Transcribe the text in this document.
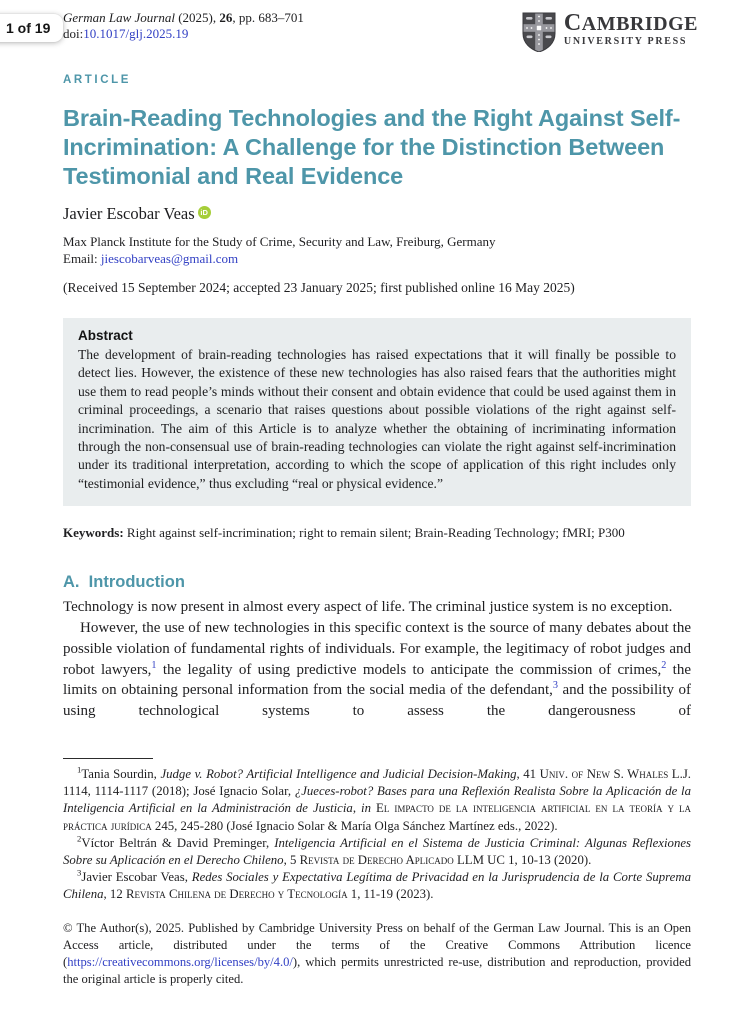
1 of 19
German Law Journal (2025), 26, pp. 683–701
doi:10.1017/glj.2025.19	CAMBRIDGE
UNIVERSITY PRESS
ARTICLE
Brain-Reading Technologies and the Right Against Self-Incrimination: A Challenge for the Distinction Between Testimonial and Real Evidence
Javier Escobar Veas iD
Max Planck Institute for the Study of Crime, Security and Law, Freiburg, Germany
Email: jiescobarveas@gmail.com
(Received 15 September 2024; accepted 23 January 2025; first published online 16 May 2025)
Abstract

The development of brain-reading technologies has raised expectations that it will finally be possible to detect lies. However, the existence of these new technologies has also raised fears that the authorities might use them to read people’s minds without their consent and obtain evidence that could be used against them in criminal proceedings, a scenario that raises questions about possible violations of the right against self-incrimination. The aim of this Article is to analyze whether the obtaining of incriminating information through the non-consensual use of brain-reading technologies can violate the right against self-incrimination under its traditional interpretation, according to which the scope of application of this right includes only “testimonial evidence,” thus excluding “real or physical evidence.”

Keywords: Right against self-incrimination; right to remain silent; Brain-Reading Technology; fMRI; P300
A.  Introduction

Technology is now present in almost every aspect of life. The criminal justice system is no exception.

However, the use of new technologies in this specific context is the source of many debates about the possible violation of fundamental rights of individuals. For example, the legitimacy of robot judges and robot lawyers,$^1$ the legality of using predictive models to anticipate the commission of crimes,$^2$ the limits on obtaining personal information from the social media of the defendant,$^3$ and the possibility of using technological systems to assess the dangerousness of

$^1$Tania Sourdin, Judge v. Robot? Artificial Intelligence and Judicial Decision-Making, 41 Univ. of New S. Whales L.J. 1114, 1114-1117 (2018); José Ignacio Solar, ¿Jueces-robot? Bases para una Reflexión Realista Sobre la Aplicación de la Inteligencia Artificial en la Administración de Justicia, in El impacto de la inteligencia artificial en la teoría y la práctica jurídica 245, 245-280 (José Ignacio Solar & María Olga Sánchez Martínez eds., 2022).

$^2$Víctor Beltrán & David Preminger, Inteligencia Artificial en el Sistema de Justicia Criminal: Algunas Reflexiones Sobre su Aplicación en el Derecho Chileno, 5 Revista de Derecho Aplicado LLM UC 1, 10-13 (2020).

$^3$Javier Escobar Veas, Redes Sociales y Expectativa Legítima de Privacidad en la Jurisprudencia de la Corte Suprema Chilena, 12 Revista Chilena de Derecho y Tecnología 1, 11-19 (2023).

© The Author(s), 2025. Published by Cambridge University Press on behalf of the German Law Journal. This is an Open Access article, distributed under the terms of the Creative Commons Attribution licence (https://creativecommons.org/licenses/by/4.0/), which permits unrestricted re-use, distribution and reproduction, provided the original article is properly cited.
